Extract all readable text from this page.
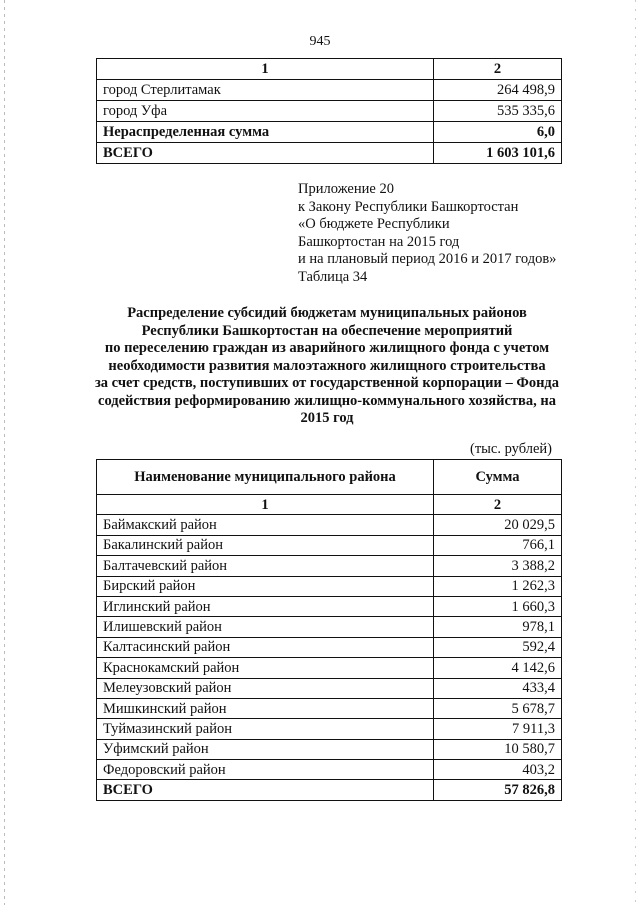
945
1	2
город Стерлитамак	264 498,9
город Уфа	535 335,6
Нераспределенная сумма	6,0
ВСЕГО	1 603 101,6
Приложение 20
к Закону Республики Башкортостан
«О бюджете Республики
Башкортостан на 2015 год
и на плановый период 2016 и 2017 годов»
Таблица 34
Распределение субсидий бюджетам муниципальных районов
Республики Башкортостан на обеспечение мероприятий
по переселению граждан из аварийного жилищного фонда с учетом
необходимости развития малоэтажного жилищного строительства
за счет средств, поступивших от государственной корпорации – Фонда
содействия реформированию жилищно-коммунального хозяйства, на
2015 год
(тыс. рублей)
Наименование муниципального района	Сумма
1	2
Баймакский район	20 029,5
Бакалинский район	766,1
Балтачевский район	3 388,2
Бирский район	1 262,3
Иглинский район	1 660,3
Илишевский район	978,1
Калтасинский район	592,4
Краснокамский район	4 142,6
Мелеузовский район	433,4
Мишкинский район	5 678,7
Туймазинский район	7 911,3
Уфимский район	10 580,7
Федоровский район	403,2
ВСЕГО	57 826,8
